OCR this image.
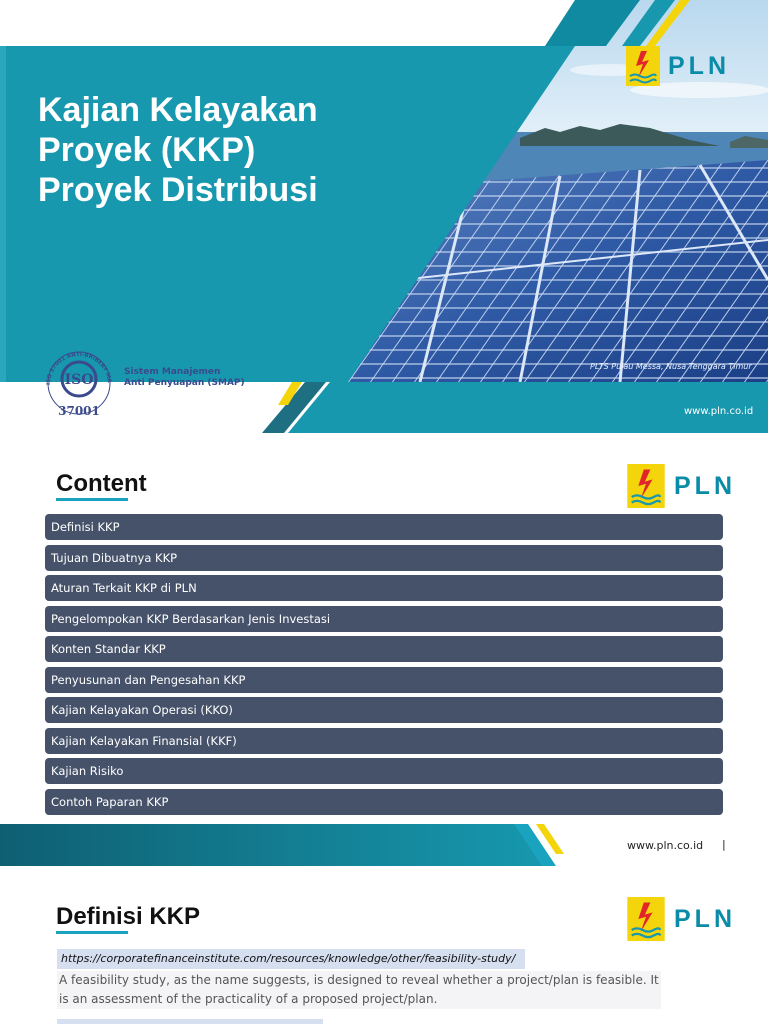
Kajian Kelayakan
Proyek (KKP)
Proyek Distribusi
PLN
PLTS Pulau Messa, Nusa Tenggara Timur
www.pln.co.id
ISO 37001 ANTI-BRIBERY MA
ISO
37001
Sistem Manajemen
Anti Penyuapan (SMAP)
Content	PLN
Definisi KKP
Tujuan Dibuatnya KKP
Aturan Terkait KKP di PLN
Pengelompokan KKP Berdasarkan Jenis Investasi
Konten Standar KKP
Penyusunan dan Pengesahan KKP
Kajian Kelayakan Operasi (KKO)
Kajian Kelayakan Finansial (KKF)
Kajian Risiko
Contoh Paparan KKP
www.pln.co.id |
Definisi KKP	PLN
https://corporatefinanceinstitute.com/resources/knowledge/other/feasibility-study/
A feasibility study, as the name suggests, is designed to reveal whether a project/plan is feasible. It is an assessment of the practicality of a proposed project/plan.
